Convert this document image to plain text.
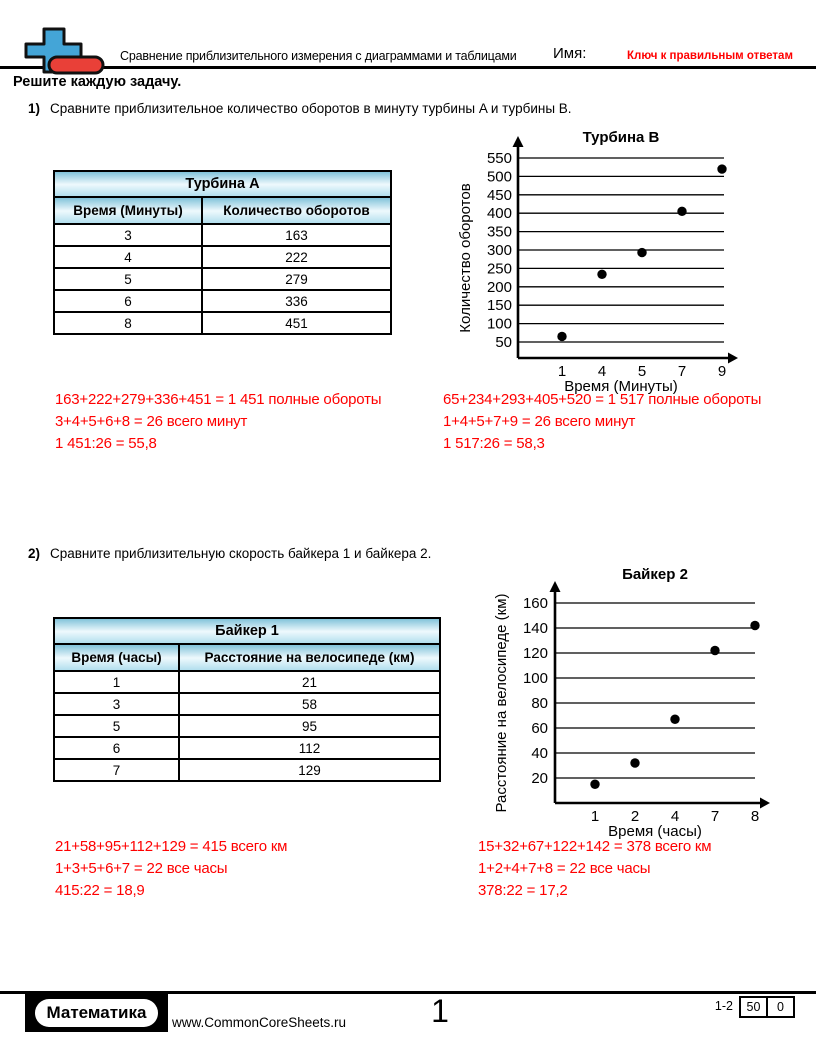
Сравнение приблизительного измерения с диаграммами и таблицами Имя:	Ключ к правильным ответам
Решите каждую задачу.
1) Сравните приблизительное количество оборотов в минуту турбины A и турбины B.
Турбина A	
Время (Минуты)	Количество оборотов
3	163
4	222
5	279
6	336
8	451
Турбина B
550
500
450
400
350
300
250
200
150
100
50
1 4 5 7 9
Время (Минуты)
Количество оборотов
163+222+279+336+451 = 1 451 полные обороты
3+4+5+6+8 = 26 всего минут
1 451:26 = 55,8
65+234+293+405+520 = 1 517 полные обороты
1+4+5+7+9 = 26 всего минут
1 517:26 = 58,3
2) Сравните приблизительную скорость байкера 1 и байкера 2.
Байкер 1	
Время (часы)	Расстояние на велосипеде (км)
1	21
3	58
5	95
6	112
7	129
Байкер 2
160
140
120
100
80
60
40
20
1 2 4 7 8
Время (часы)
Расстояние на велосипеде (км)
21+58+95+112+129 = 415 всего км
1+3+5+6+7 = 22 все часы
415:22 = 18,9
15+32+67+122+142 = 378 всего км
1+2+4+7+8 = 22 все часы
378:22 = 17,2
Математика
www.CommonCoreSheets.ru	1	1-2	50	0
